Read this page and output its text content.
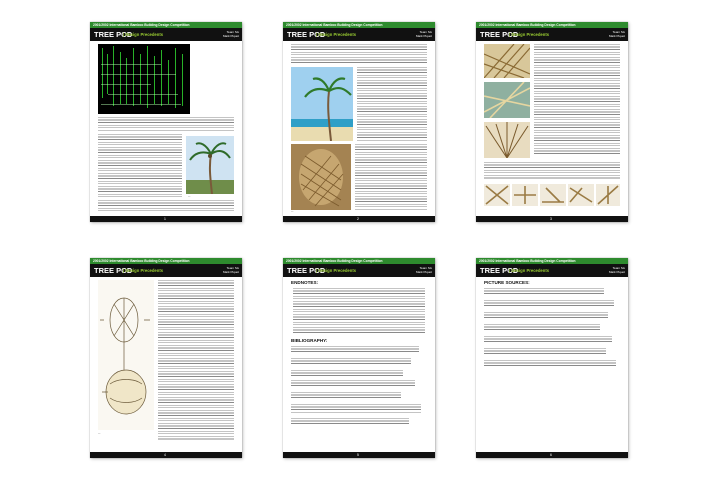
2001/2002 International Bamboo Building Design Competition
TREE POD
| Design Precedents	Team Six
Mark Piquot
—
1
2001/2002 International Bamboo Building Design Competition
TREE POD
| Design Precedents	Team Six
Mark Piquot
—
2
2001/2002 International Bamboo Building Design Competition
TREE POD
| Design Precedents	Team Six
Mark Piquot
3
2001/2002 International Bamboo Building Design Competition
TREE POD
| Design Precedents	Team Six
Mark Piquot
—
4
2001/2002 International Bamboo Building Design Competition
TREE POD
| Design Precedents	Team Six
Mark Piquot
ENDNOTES:
BIBLIOGRAPHY:
5
2001/2002 International Bamboo Building Design Competition
TREE POD
| Design Precedents	Team Six
Mark Piquot
PICTURE SOURCES:
6
